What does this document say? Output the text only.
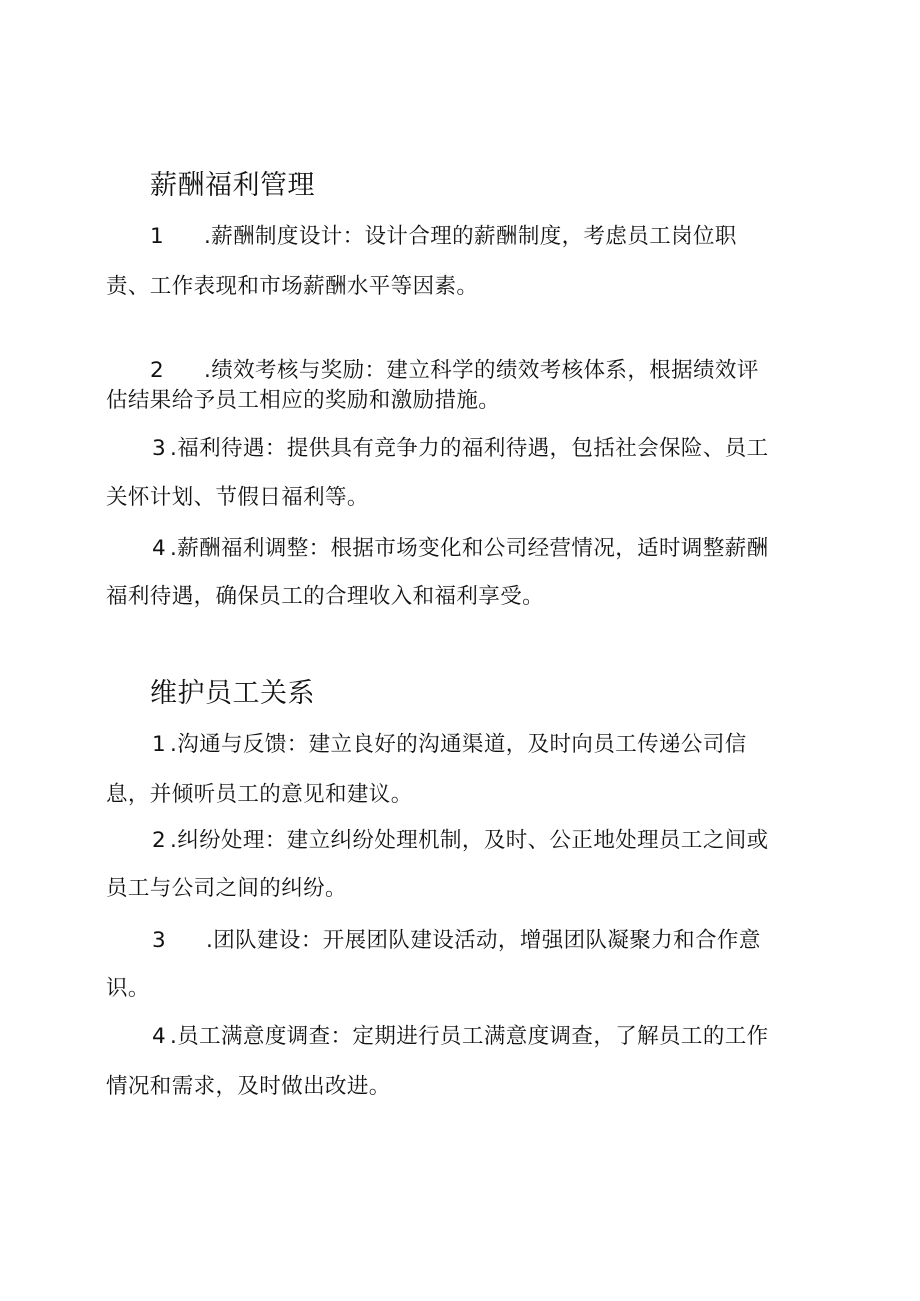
薪酬福利管理
1 .薪酬制度设计：设计合理的薪酬制度，考虑员工岗位职
责、工作表现和市场薪酬水平等因素。
2 .绩效考核与奖励：建立科学的绩效考核体系，根据绩效评
估结果给予员工相应的奖励和激励措施。
3 .福利待遇：提供具有竞争力的福利待遇，包括社会保险、员工
关怀计划、节假日福利等。
4 .薪酬福利调整：根据市场变化和公司经营情况，适时调整薪酬
福利待遇，确保员工的合理收入和福利享受。
维护员工关系
1 .沟通与反馈：建立良好的沟通渠道，及时向员工传递公司信
息，并倾听员工的意见和建议。
2 .纠纷处理：建立纠纷处理机制，及时、公正地处理员工之间或
员工与公司之间的纠纷。
3 .团队建设：开展团队建设活动，增强团队凝聚力和合作意
识。
4 .员工满意度调查：定期进行员工满意度调查，了解员工的工作
情况和需求，及时做出改进。
